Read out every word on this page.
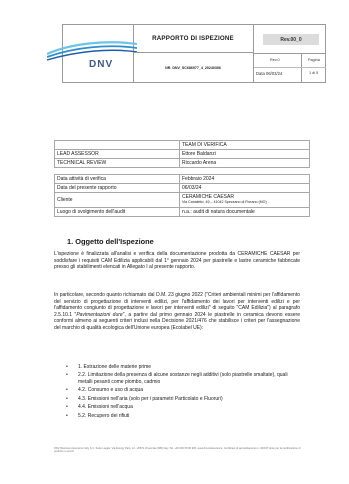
DNV
RAPPORTO DI ISPEZIONE
NR. DNV_SC686977_4_20240306
Rev.00_0
Rev.0	Pagina
Data 06/03/24	1 di 5
	TEAM DI VERIFICA
LEAD ASSESSOR	Ettore Baldanzi
TECHNICAL REVIEW	Riccardo Arena
Data attività di verifica	Febbraio 2024
Data del presente rapporto	06/03/24
Cliente	CERAMICHE CAESAR
Via Canaletto, 49 – 41042 Spezzano di Fiorano (MO)

Luogo di svolgimento dell'audit	n.a.: audit di natura documentale
1. Oggetto dell'Ispezione

L'ispezione è finalizzata all'analisi e verifica della documentazione prodotta da CERAMICHE CAESAR per soddisfare i requisiti CAM Edilizia applicabili dal 1° gennaio 2024 per piastrelle e lastre ceramiche fabbricate presso gli stabilimenti elencati in Allegato I al presente rapporto.

In particolare, secondo quanto richiamato dal D.M. 23 giugno 2022 ("Criteri ambientali minimi per l'affidamento del servizio di progettazione di interventi edilizi, per l'affidamento dei lavori per interventi edilizi e per l'affidamento congiunto di progettazione e lavori per interventi edilizi" di seguito "CAM Edilizia") al paragrafo 2.5.10.1 "Pavimentazioni dure", a partire dal primo gennaio 2024 le piastrelle in ceramica devono essere conformi almeno ai seguenti criteri inclusi nella Decisione 2021/476 che stabilisce i criteri per l'assegnazione del marchio di qualità ecologica dell'Unione europea (Ecolabel UE):

• 1. Estrazione delle materie prime
• 2.2. Limitazione della presenza di alcune sostanze negli additivi (solo piastrelle smaltate), quali metalli pesanti come piombo, cadmio
• 4.2. Consumo e uso di acqua
• 4.3. Emissioni nell'aria (solo per i parametri Particolato e Fluoruri)
• 4.4. Emissioni nell'acqua
• 5.2. Recupero dei rifiuti
DNV Business Assurance Italy S.r.l. Sede Legale: Via Energy Park, 14 - 20871 Vimercate (MB) Italy. Tel. +39 039 68 99 905. www.dnv.it/assurance. Certificato di accreditamento n. 003CP. Ente per la certificazione di prodotto e servizi.
